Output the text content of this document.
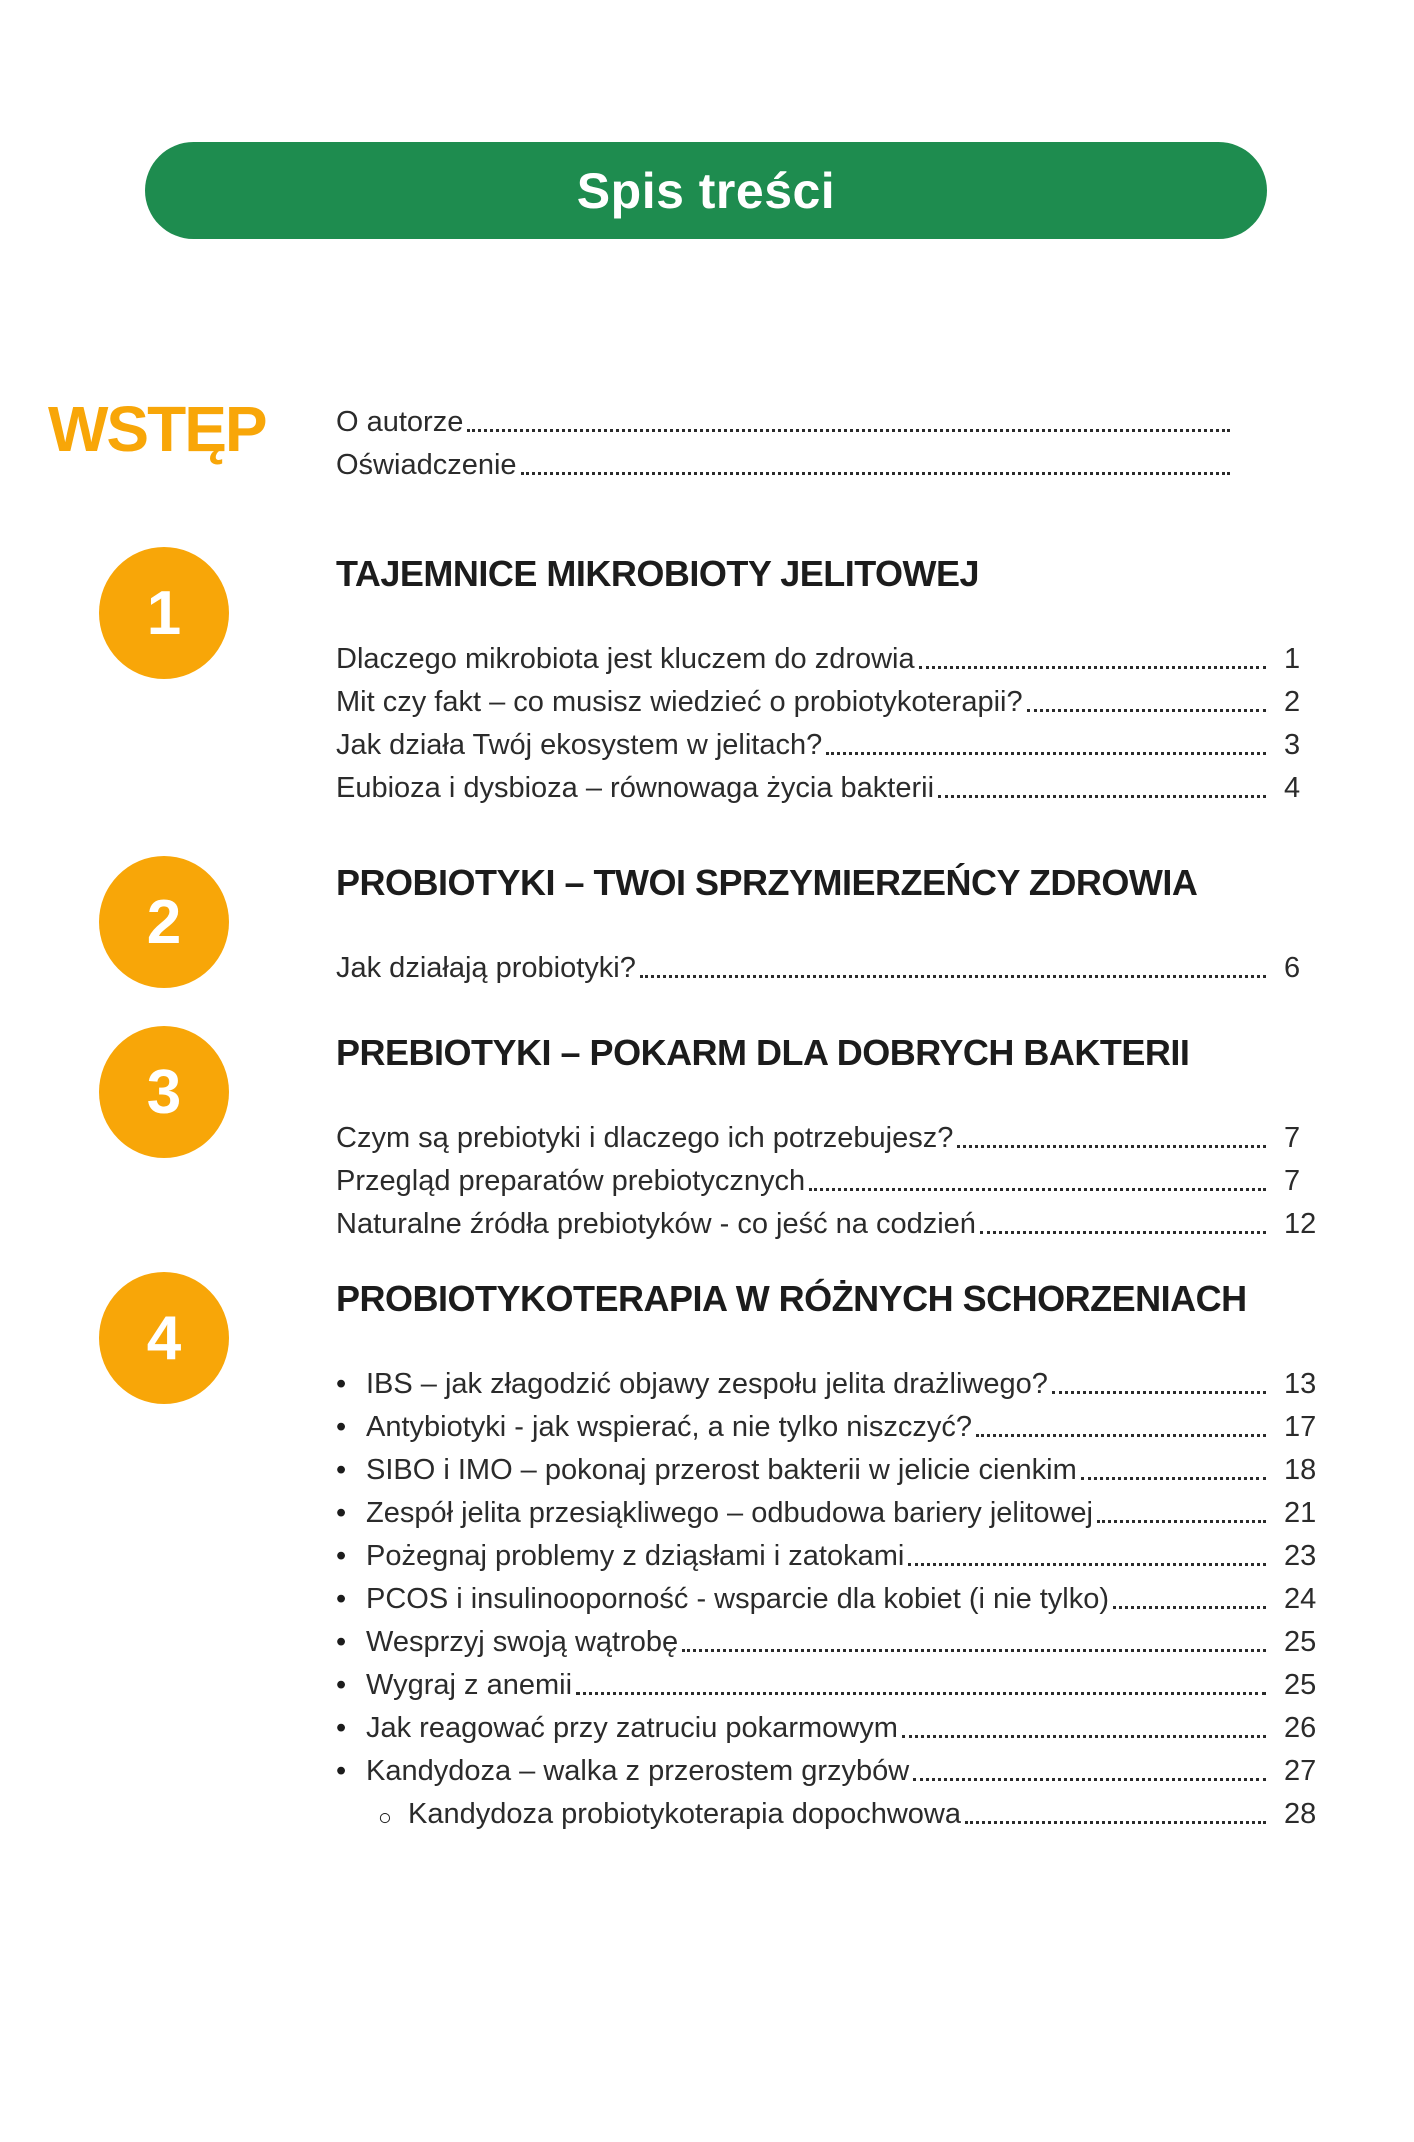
Spis treści
WSTĘP	O autorze
Oświadczenie
1
TAJEMNICE MIKROBIOTY JELITOWEJ
Dlaczego mikrobiota jest kluczem do zdrowia	1
Mit czy fakt – co musisz wiedzieć o probiotykoterapii?	2
Jak działa Twój ekosystem w jelitach?	3
Eubioza i dysbioza – równowaga życia bakterii	4
2
PROBIOTYKI – TWOI SPRZYMIERZEŃCY ZDROWIA
Jak działają probiotyki?	6
3
PREBIOTYKI – POKARM DLA DOBRYCH BAKTERII
Czym są prebiotyki i dlaczego ich potrzebujesz?	7
Przegląd preparatów prebiotycznych	7
Naturalne źródła prebiotyków - co jeść na codzień	12
4
PROBIOTYKOTERAPIA W RÓŻNYCH SCHORZENIACH
• IBS – jak złagodzić objawy zespołu jelita drażliwego?	13
• Antybiotyki - jak wspierać, a nie tylko niszczyć?	17
• SIBO i IMO – pokonaj przerost bakterii w jelicie cienkim	18
• Zespół jelita przesiąkliwego – odbudowa bariery jelitowej	21
• Pożegnaj problemy z dziąsłami i zatokami	23
• PCOS i insulinooporność - wsparcie dla kobiet (i nie tylko)	24
• Wesprzyj swoją wątrobę	25
• Wygraj z anemii	25
• Jak reagować przy zatruciu pokarmowym	26
• Kandydoza – walka z przerostem grzybów	27
○ Kandydoza probiotykoterapia dopochwowa	28
